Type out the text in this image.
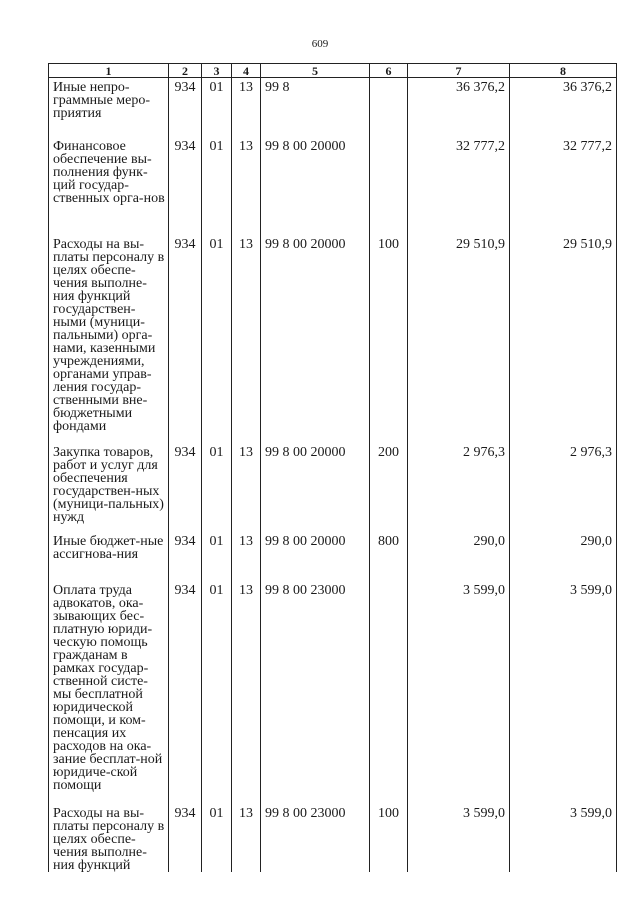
609
1	2	3	4	5	6	7	8
Иные непро-граммные меро-приятия	934	01	13	99 8		36 376,2	36 376,2
Финансовое обеспечение вы-полнения функ-ций государ-ственных орга-нов	934	01	13	99 8 00 20000		32 777,2	32 777,2
Расходы на вы-платы персоналу в целях обеспе-чения выполне-ния функций государствен-ными (муници-пальными) орга-нами, казенными учреждениями, органами управ-ления государ-ственными вне-бюджетными фондами	934	01	13	99 8 00 20000	100	29 510,9	29 510,9
Закупка товаров, работ и услуг для обеспечения государствен-ных (муници-пальных) нужд	934	01	13	99 8 00 20000	200	2 976,3	2 976,3
Иные бюджет-ные ассигнова-ния	934	01	13	99 8 00 20000	800	290,0	290,0
Оплата труда адвокатов, ока-зывающих бес-платную юриди-ческую помощь гражданам в рамках государ-ственной систе-мы бесплатной юридической помощи, и ком-пенсация их расходов на ока-зание бесплат-ной юридиче-ской помощи	934	01	13	99 8 00 23000		3 599,0	3 599,0
Расходы на вы-платы персоналу в целях обеспе-чения выполне-ния функций	934	01	13	99 8 00 23000	100	3 599,0	3 599,0
